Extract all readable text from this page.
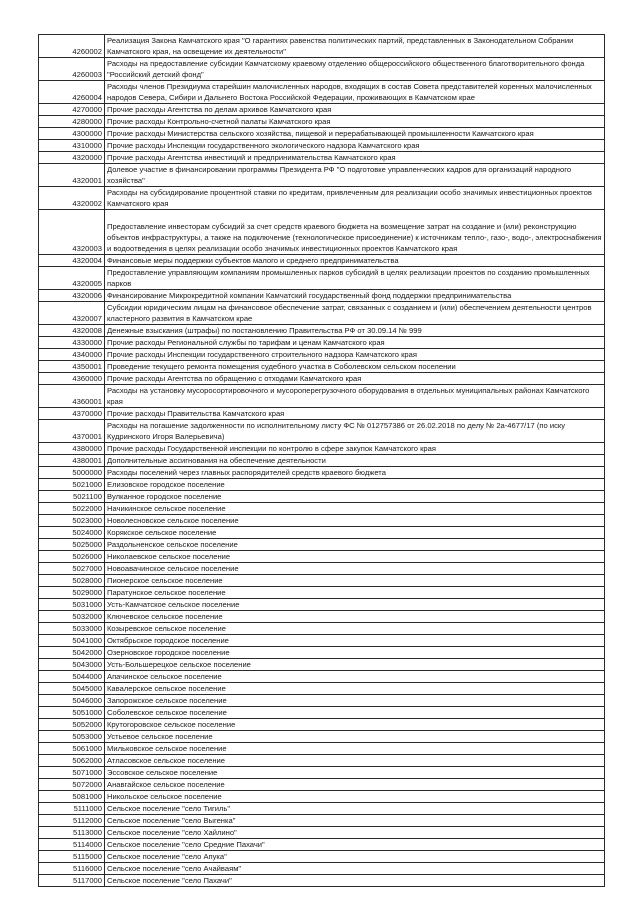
4260002	Реализация Закона Камчатского края "О гарантиях равенства политических партий, представленных в Законодательном Собрании Камчатского края, на освещение их деятельности"
4260003	Расходы на предоставление субсидии Камчатскому краевому отделению общероссийского общественного благотворительного фонда "Российский детский фонд"
4260004	Расходы членов Президиума старейшин малочисленных народов, входящих в состав Совета представителей коренных малочисленных народов Севера, Сибири и Дальнего Востока Российской Федерации, проживающих в Камчатском крае
4270000	Прочие расходы Агентства по делам архивов Камчатского края
4280000	Прочие расходы Контрольно-счетной палаты Камчатского края
4300000	Прочие расходы Министерства сельского хозяйства, пищевой и перерабатывающей промышленности Камчатского края
4310000	Прочие расходы Инспекции государственного экологического надзора Камчатского края
4320000	Прочие расходы Агентства инвестиций и предпринимательства Камчатского края
4320001	Долевое участие в финансировании программы Президента РФ "О подготовке управленческих кадров для организаций народного хозяйства"
4320002	Расходы на субсидирование процентной ставки по кредитам, привлеченным для реализации особо значимых инвестиционных проектов Камчатского края
4320003	Предоставление инвесторам субсидий за счет средств краевого бюджета на возмещение затрат на создание и (или) реконструкцию объектов инфраструктуры, а также на подключение (технологическое присоединение) к источникам тепло-, газо-, водо-, электроснабжения и водоотведения в целях реализации особо значимых инвестиционных проектов Камчатского края
4320004	Финансовые меры поддержки субъектов малого и среднего предпринимательства
4320005	Предоставление управляющим компаниям промышленных парков субсидий в целях реализации проектов по созданию промышленных парков
4320006	Финансирование Микрокредитной компании Камчатский государственный фонд поддержки предпринимательства
4320007	Субсидии юридическим лицам на финансовое обеспечение затрат, связанных с созданием и (или) обеспечением деятельности центров кластерного развития в Камчатском крае
4320008	Денежные взыскания (штрафы) по постановлению Правительства РФ от 30.09.14 № 999
4330000	Прочие расходы Региональной службы по тарифам и ценам Камчатского края
4340000	Прочие расходы Инспекции государственного строительного надзора Камчатского края
4350001	Проведение текущего ремонта помещения судебного участка в Соболевском сельском поселении
4360000	Прочие расходы Агентства по обращению с отходами Камчатского края
4360001	Расходы на установку мусоросортировочного и мусороперегрузочного оборудования в отдельных муниципальных районах Камчатского края
4370000	Прочие расходы Правительства Камчатского края
4370001	Расходы на погашение задолженности по исполнительному листу ФС № 012757386 от 26.02.2018 по делу № 2а-4677/17 (по иску Кудринского Игоря Валерьевича)
4380000	Прочие расходы Государственной инспекции по контролю в сфере закупок Камчатского края
4380001	Дополнительные ассигнования на обеспечение деятельности
5000000	Расходы поселений через главных распорядителей средств краевого бюджета
5021000	Елизовское городское поселение
5021100	Вулканное городское поселение
5022000	Начикинское сельское поселение
5023000	Новолесновское сельское поселение
5024000	Корякское сельское поселение
5025000	Раздольненское сельское поселение
5026000	Николаевское сельское поселение
5027000	Новоавачинское сельское поселение
5028000	Пионерское сельское поселение
5029000	Паратунское сельское поселение
5031000	Усть-Камчатское сельское поселение
5032000	Ключевское сельское поселение
5033000	Козыревское сельское поселение
5041000	Октябрьское городское поселение
5042000	Озерновское городское поселение
5043000	Усть-Большерецкое сельское поселение
5044000	Апачинское сельское поселение
5045000	Кавалерское сельское поселение
5046000	Запорожское сельское поселение
5051000	Соболевское сельское поселение
5052000	Крутогоровское сельское поселение
5053000	Устьевое сельское поселение
5061000	Мильковское сельское поселение
5062000	Атласовское сельское поселение
5071000	Эссовское сельское поселение
5072000	Анавгайское сельское поселение
5081000	Никольское сельское поселение
5111000	Сельское поселение "село Тигиль"
5112000	Сельское поселение "село Выгенка"
5113000	Сельское поселение "село Хайлино"
5114000	Сельское поселение "село Средние Пахачи"
5115000	Сельское поселение "село Апука"
5116000	Сельское поселение "село Ачайваям"
5117000	Сельское поселение "село Пахачи"
